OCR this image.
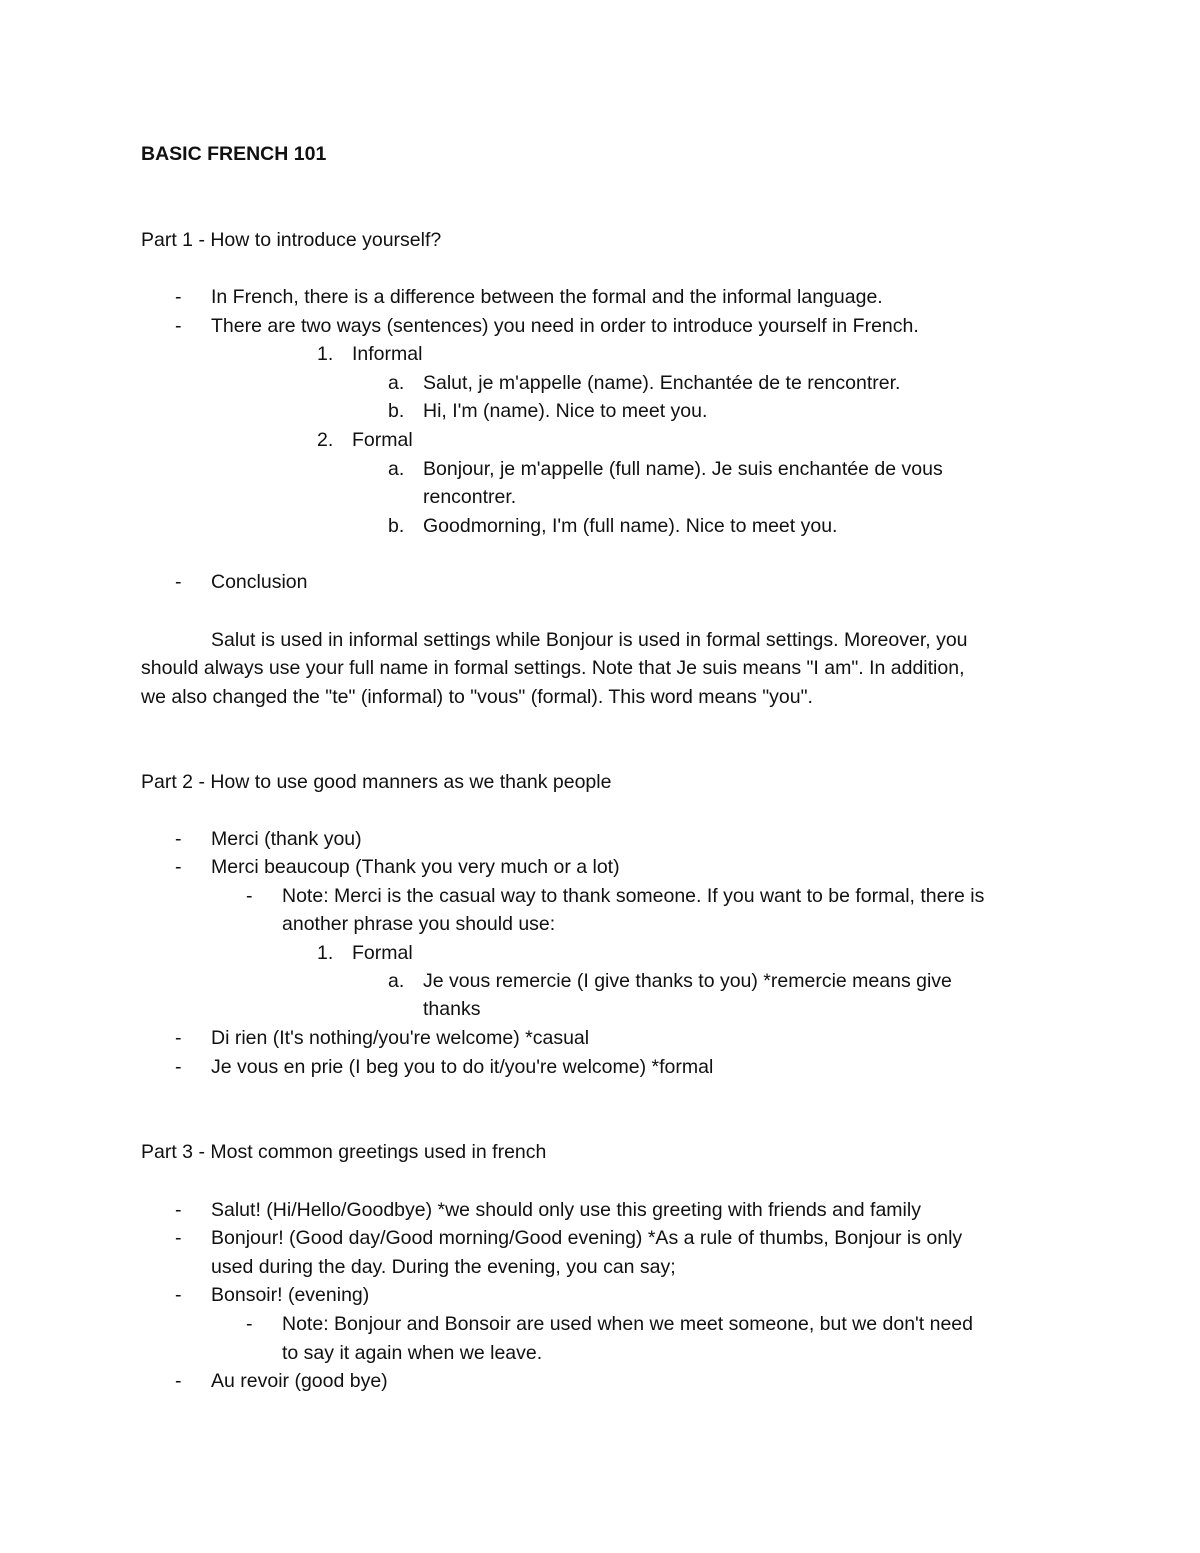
BASIC FRENCH 101
Part 1 - How to introduce yourself?
- In French, there is a difference between the formal and the informal language.
- There are two ways (sentences) you need in order to introduce yourself in French.
1. Informal
a. Salut, je m'appelle (name). Enchantée de te rencontrer.
b. Hi, I'm (name). Nice to meet you.
2. Formal
a. Bonjour, je m'appelle (full name). Je suis enchantée de vous
rencontrer.
b. Goodmorning, I'm (full name). Nice to meet you.
- Conclusion
Salut is used in informal settings while Bonjour is used in formal settings. Moreover, you
should always use your full name in formal settings. Note that Je suis means "I am". In addition,
we also changed the "te" (informal) to "vous" (formal). This word means "you".
Part 2 - How to use good manners as we thank people
- Merci (thank you)
- Merci beaucoup (Thank you very much or a lot)
- Note: Merci is the casual way to thank someone. If you want to be formal, there is
another phrase you should use:
1. Formal
a. Je vous remercie (I give thanks to you) *remercie means give
thanks
- Di rien (It's nothing/you're welcome) *casual
- Je vous en prie (I beg you to do it/you're welcome) *formal
Part 3 - Most common greetings used in french
- Salut! (Hi/Hello/Goodbye) *we should only use this greeting with friends and family
- Bonjour! (Good day/Good morning/Good evening) *As a rule of thumbs, Bonjour is only
used during the day. During the evening, you can say;
- Bonsoir! (evening)
- Note: Bonjour and Bonsoir are used when we meet someone, but we don't need
to say it again when we leave.
- Au revoir (good bye)
